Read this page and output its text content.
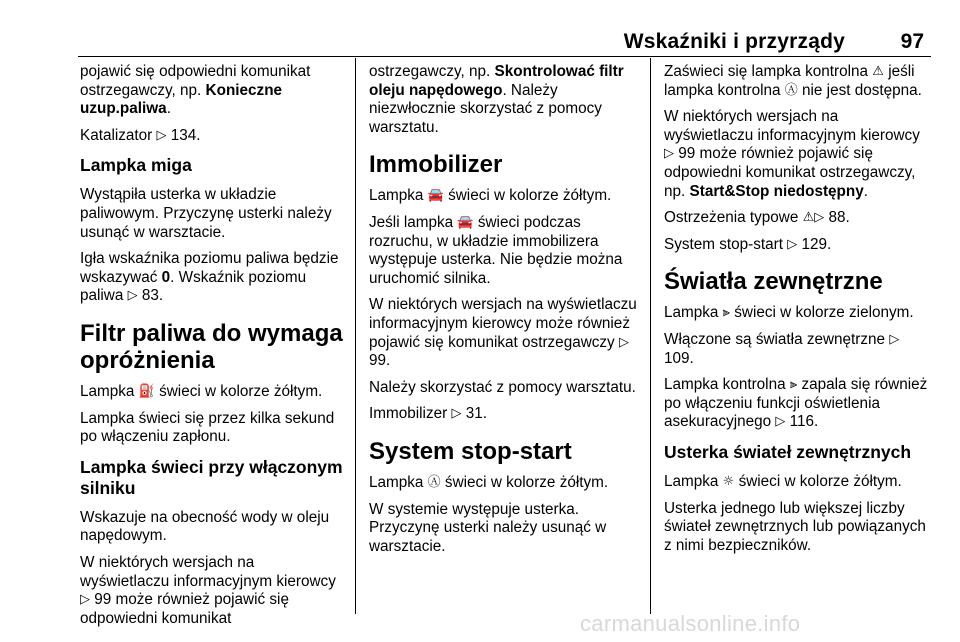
Wskaźniki i przyrządy	97

pojawić się odpowiedni komunikat ostrzegawczy, np. Konieczne uzup.paliwa.

Katalizator ▷ 134.

Lampka miga

Wystąpiła usterka w układzie paliwowym. Przyczynę usterki należy usunąć w warsztacie.

Igła wskaźnika poziomu paliwa będzie wskazywać 0. Wskaźnik poziomu paliwa ▷ 83.

Filtr paliwa do wymaga opróżnienia

Lampka ⛽ świeci w kolorze żółtym.

Lampka świeci się przez kilka sekund po włączeniu zapłonu.

Lampka świeci przy włączonym silniku

Wskazuje na obecność wody w oleju napędowym.

W niektórych wersjach na wyświetlaczu informacyjnym kierowcy ▷ 99 może również pojawić się odpowiedni komunikat

ostrzegawczy, np. Skontrolować filtr oleju napędowego. Należy niezwłocznie skorzystać z pomocy warsztatu.

Immobilizer

Lampka 🚘 świeci w kolorze żółtym.

Jeśli lampka 🚘 świeci podczas rozruchu, w układzie immobilizera występuje usterka. Nie będzie można uruchomić silnika.

W niektórych wersjach na wyświetlaczu informacyjnym kierowcy może również pojawić się komunikat ostrzegawczy ▷ 99.

Należy skorzystać z pomocy warsztatu.

Immobilizer ▷ 31.

System stop-start

Lampka Ⓐ świeci w kolorze żółtym.

W systemie występuje usterka. Przyczynę usterki należy usunąć w warsztacie.

Zaświeci się lampka kontrolna ⚠ jeśli lampka kontrolna Ⓐ nie jest dostępna.

W niektórych wersjach na wyświetlaczu informacyjnym kierowcy ▷ 99 może również pojawić się odpowiedni komunikat ostrzegawczy, np. Start&Stop niedostępny.

Ostrzeżenia typowe ⚠▷ 88.

System stop-start ▷ 129.

Światła zewnętrzne

Lampka ⫸ świeci w kolorze zielonym.

Włączone są światła zewnętrzne ▷ 109.

Lampka kontrolna ⫸ zapala się również po włączeniu funkcji oświetlenia asekuracyjnego ▷ 116.

Usterka świateł zewnętrznych

Lampka ☼ świeci w kolorze żółtym.

Usterka jednego lub większej liczby świateł zewnętrznych lub powiązanych z nimi bezpieczników.

carmanualsonline.info
